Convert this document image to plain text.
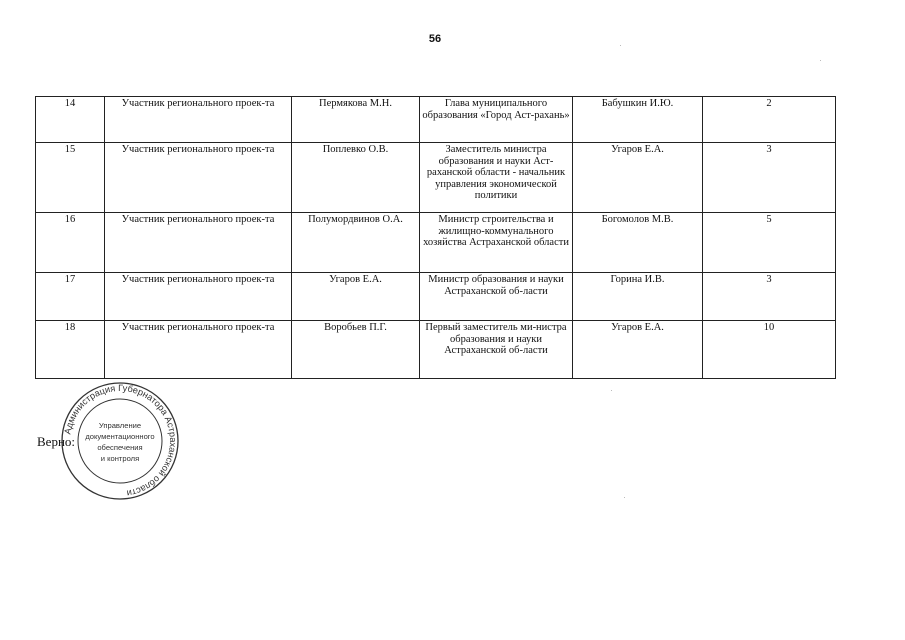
56
14	Участник регионального проек-та	Пермякова М.Н.	Глава муниципального образования «Город Аст-рахань»	Бабушкин И.Ю.	2
15	Участник регионального проек-та	Поплевко О.В.	Заместитель министра образования и науки Аст-раханской области - начальник управления экономической политики	Угаров Е.А.	3
16	Участник регионального проек-та	Полумордвинов О.А.	Министр строительства и жилищно-коммунального хозяйства Астраханской области	Богомолов М.В.	5
17	Участник регионального проек-та	Угаров Е.А.	Министр образования и науки Астраханской об-ласти	Горина И.В.	3
18	Участник регионального проек-та	Воробьев П.Г.	Первый заместитель ми-нистра образования и науки Астраханской об-ласти	Угаров Е.А.	10
Администрация Губернатора Астраханской области
Управление
документационного
обеспечения
и контроля
Верно:
